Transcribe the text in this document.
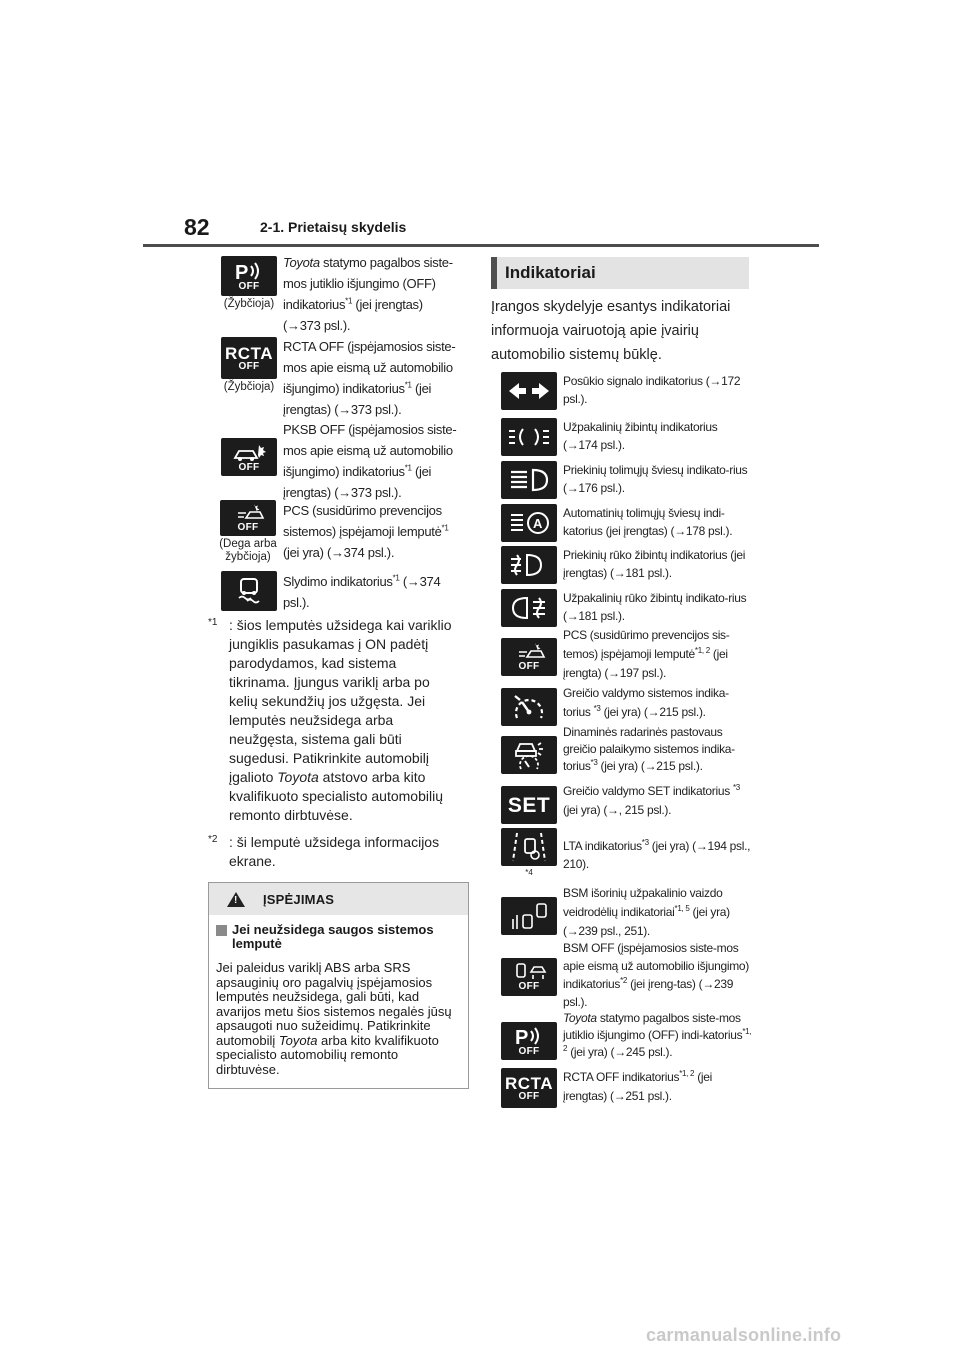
82	2-1. Prietaisų skydelis
P
OFF
(Žybčioja)
Toyota statymo pagalbos siste-mos jutiklio išjungimo (OFF) indikatorius$^{*1}$ (jei įrengtas) (→373 psl.).
RCTA
OFF
(Žybčioja)
RCTA OFF (įspėjamosios siste-mos apie eismą už automobilio išjungimo) indikatorius$^{*1}$ (jei įrengtas) (→373 psl.).
OFF
PKSB OFF (įspėjamosios siste-mos apie eismą už automobilio išjungimo) indikatorius$^{*1}$ (jei įrengtas) (→373 psl.).
OFF
(Dega arba žybčioja)
PCS (susidūrimo prevencijos sistemos) įspėjamoji lemputė$^{*1}$ (jei yra) (→374 psl.).
Slydimo indikatorius$^{*1}$ (→374 psl.).
*1 : šios lemputės užsidega kai variklio jungiklis pasukamas į ON padėtį parodydamos, kad sistema tikrinama. Įjungus variklį arba po kelių sekundžių jos užgęsta. Jei lemputės neužsidega arba neužgęsta, sistema gali būti sugedusi. Patikrinkite automobilį įgalioto Toyota atstovo arba kito kvalifikuoto specialisto automobilių remonto dirbtuvėse.
*2 : ši lemputė užsidega informacijos ekrane.
!
ĮSPĖJIMAS
Jei neužsidega saugos sistemos lemputė
Jei paleidus variklį ABS arba SRS apsauginių oro pagalvių įspėjamosios lemputės neužsidega, gali būti, kad avarijos metu šios sistemos negalės jūsų apsaugoti nuo sužeidimų. Patikrinkite automobilį Toyota arba kito kvalifikuoto specialisto automobilių remonto dirbtuvėse.
Indikatoriai
Įrangos skydelyje esantys indikatoriai informuoja vairuotoją apie įvairių automobilio sistemų būklę.
Posūkio signalo indikatorius (→172 psl.).
Užpakalinių žibintų indikatorius (→174 psl.).
Priekinių tolimųjų šviesų indikato-rius (→176 psl.).
A
Automatinių tolimųjų šviesų indi-katorius (jei įrengtas) (→178 psl.).
Priekinių rūko žibintų indikatorius (jei įrengtas) (→181 psl.).
Užpakalinių rūko žibintų indikato-rius (→181 psl.).
OFF
PCS (susidūrimo prevencijos sis-temos) įspėjamoji lemputė$^{*1, 2}$ (jei įrengta) (→197 psl.).
Greičio valdymo sistemos indika-torius $^{*3}$ (jei yra) (→215 psl.).
Dinaminės radarinės pastovaus greičio palaikymo sistemos indika-torius$^{*3}$ (jei yra) (→215 psl.).
SET
Greičio valdymo SET indikatorius $^{*3}$ (jei yra) (→, 215 psl.).
*4
LTA indikatorius$^{*3}$ (jei yra) (→194 psl., 210).
BSM išorinių užpakalinio vaizdo veidrodėlių indikatoriai$^{*1, 5}$ (jei yra) (→239 psl., 251).
OFF
BSM OFF (įspėjamosios siste-mos apie eismą už automobilio išjungimo) indikatorius$^{*2}$ (jei įreng-tas) (→239 psl.).
P
OFF
Toyota statymo pagalbos siste-mos jutiklio išjungimo (OFF) indi-katorius$^{*1, 2}$ (jei yra) (→245 psl.).
RCTA
OFF
RCTA OFF indikatorius$^{*1, 2}$ (jei įrengtas) (→251 psl.).
carmanualsonline.info
